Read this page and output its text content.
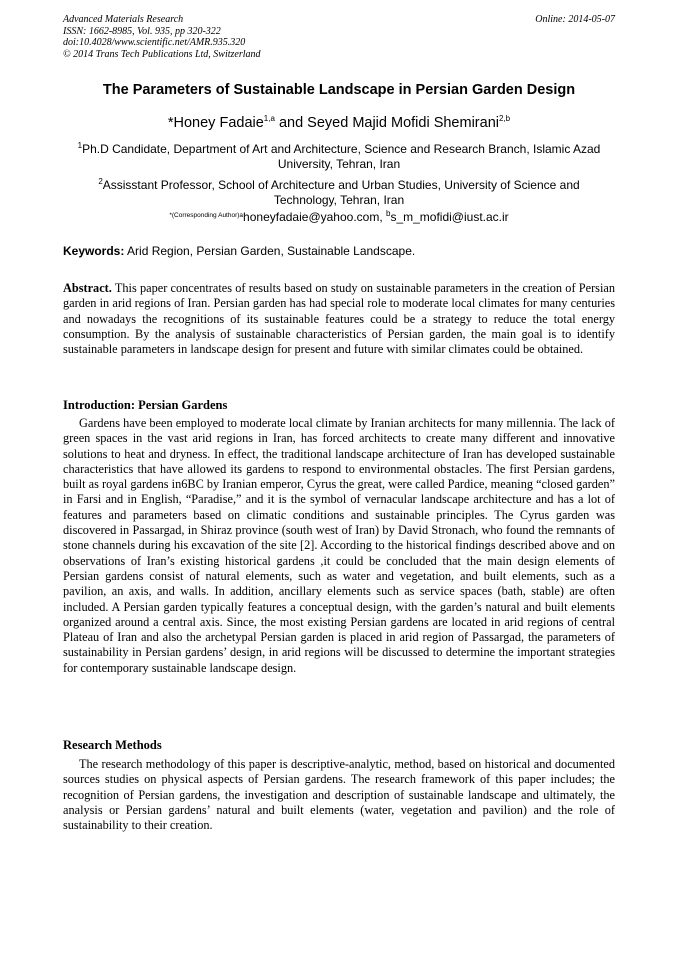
Advanced Materials Research
ISSN: 1662-8985, Vol. 935, pp 320-322
doi:10.4028/www.scientific.net/AMR.935.320
© 2014 Trans Tech Publications Ltd, Switzerland
Online: 2014-05-07
The Parameters of Sustainable Landscape in Persian Garden Design
*Honey Fadaie$^{1,a}$ and Seyed Majid Mofidi Shemirani$^{2,b}$
$^1$Ph.D Candidate, Department of Art and Architecture, Science and Research Branch, Islamic Azad University, Tehran, Iran
$^2$Assisstant Professor, School of Architecture and Urban Studies, University of Science and Technology, Tehran, Iran
$^{*(Corresponding Author)a}$honeyfadaie@yahoo.com, $^b$s_m_mofidi@iust.ac.ir
Keywords: Arid Region, Persian Garden, Sustainable Landscape.

Abstract. This paper concentrates of results based on study on sustainable parameters in the creation of Persian garden in arid regions of Iran. Persian garden has had special role to moderate local climates for many centuries and nowadays the recognitions of its sustainable features could be a strategy to reduce the total energy consumption. By the analysis of sustainable characteristics of Persian garden, the main goal is to identify sustainable parameters in landscape design for present and future with similar climates could be obtained.

Introduction: Persian Gardens
Gardens have been employed to moderate local climate by Iranian architects for many millennia. The lack of green spaces in the vast arid regions in Iran, has forced architects to create many different and innovative solutions to heat and dryness. In effect, the traditional landscape architecture of Iran has developed sustainable characteristics that have allowed its gardens to respond to environmental obstacles. The first Persian gardens, built as royal gardens in6BC by Iranian emperor, Cyrus the great, were called Pardice, meaning “closed garden” in Farsi and in English, “Paradise,” and it is the symbol of vernacular landscape architecture and has a lot of features and parameters based on climatic conditions and sustainable principles. The Cyrus garden was discovered in Passargad, in Shiraz province (south west of Iran) by David Stronach, who found the remnants of stone channels during his excavation of the site [2]. According to the historical findings described above and on observations of Iran’s existing historical gardens ,it could be concluded that the main design elements of Persian gardens consist of natural elements, such as water and vegetation, and built elements, such as a pavilion, an axis, and walls. In addition, ancillary elements such as service spaces (bath, stable) are often included. A Persian garden typically features a conceptual design, with the garden’s natural and built elements organized around a central axis. Since, the most existing Persian gardens are located in arid regions of central Plateau of Iran and also the archetypal Persian garden is placed in arid region of Passargad, the parameters of sustainability in Persian gardens’ design, in arid regions will be discussed to determine the important strategies for contemporary sustainable landscape design.
Research Methods
The research methodology of this paper is descriptive-analytic, method, based on historical and documented sources studies on physical aspects of Persian gardens. The research framework of this paper includes; the recognition of Persian gardens, the investigation and description of sustainable landscape and ultimately, the analysis or Persian gardens’ natural and built elements (water, vegetation and pavilion) and the role of sustainability to their creation.
